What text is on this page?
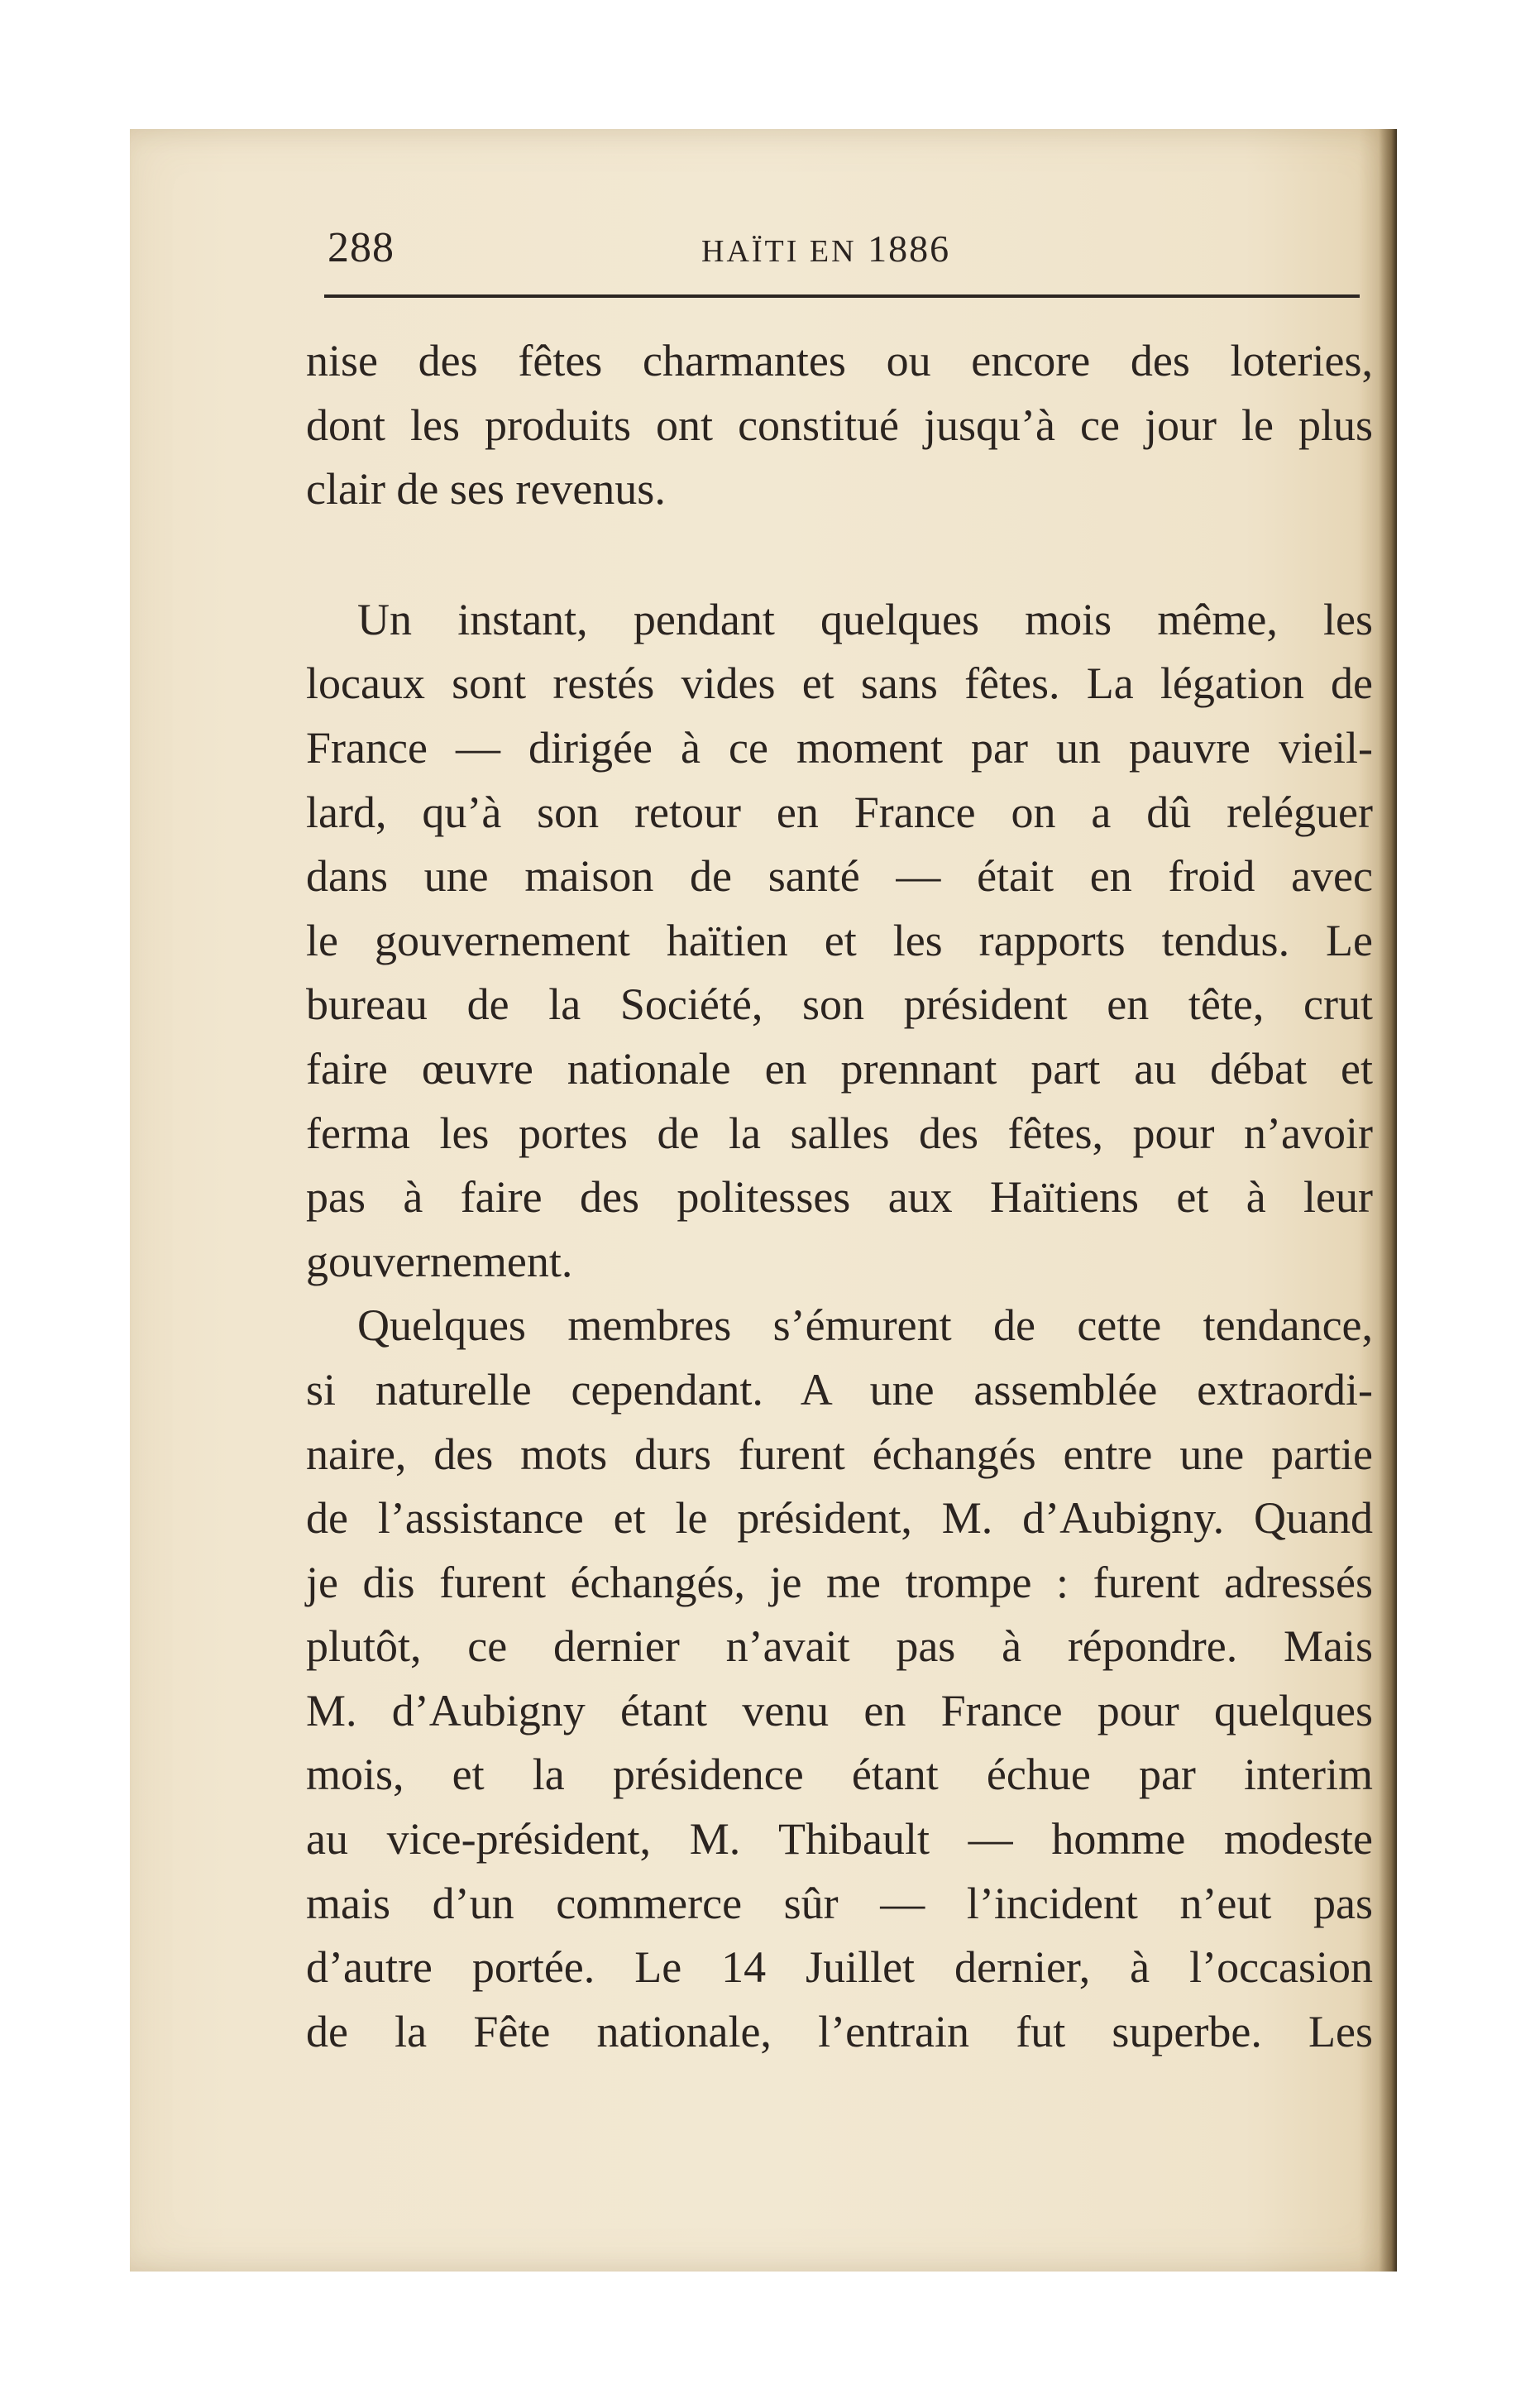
288	HAÏTI EN 1886
nise des fêtes charmantes ou encore des loteries,
dont les produits ont constitué jusqu’à ce jour le plus
clair de ses revenus.
Un instant, pendant quelques mois même, les
locaux sont restés vides et sans fêtes. La légation de
France — dirigée à ce moment par un pauvre vieil-
lard, qu’à son retour en France on a dû reléguer
dans une maison de santé — était en froid avec
le gouvernement haïtien et les rapports tendus. Le
bureau de la Société, son président en tête, crut
faire œuvre nationale en prennant part au débat et
ferma les portes de la salles des fêtes, pour n’avoir
pas à faire des politesses aux Haïtiens et à leur
gouvernement.
Quelques membres s’émurent de cette tendance,
si naturelle cependant. A une assemblée extraordi-
naire, des mots durs furent échangés entre une partie
de l’assistance et le président, M. d’Aubigny. Quand
je dis furent échangés, je me trompe : furent adressés
plutôt, ce dernier n’avait pas à répondre. Mais
M. d’Aubigny étant venu en France pour quelques
mois, et la présidence étant échue par interim
au vice-président, M. Thibault — homme modeste
mais d’un commerce sûr — l’incident n’eut pas
d’autre portée. Le 14 Juillet dernier, à l’occasion
de la Fête nationale, l’entrain fut superbe. Les
